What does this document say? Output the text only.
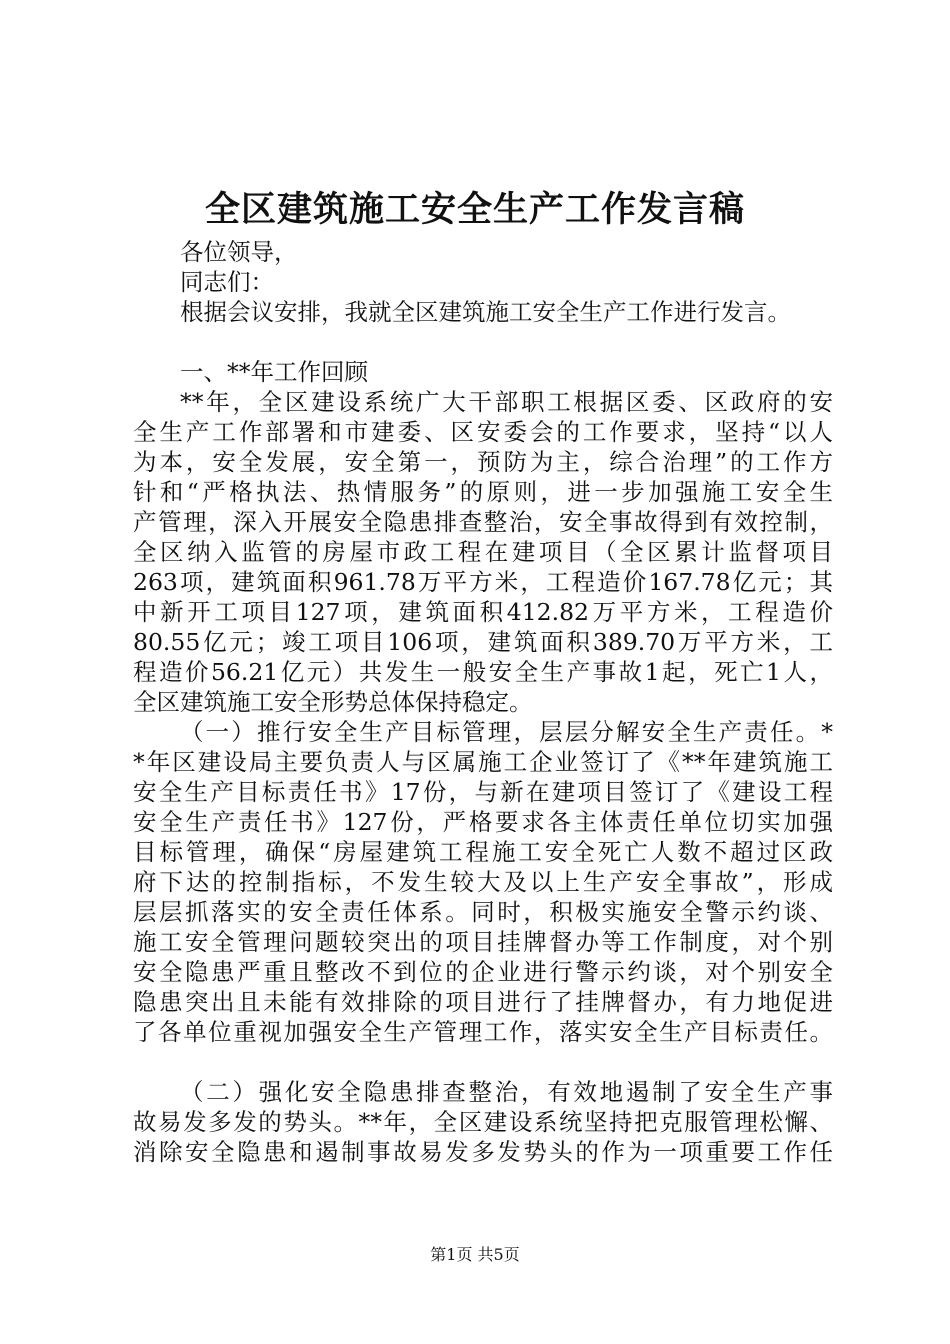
全区建筑施工安全生产工作发言稿
各位领导，
同志们：
根据会议安排，我就全区建筑施工安全生产工作进行发言。
一、**年工作回顾
**年，全区建设系统广大干部职工根据区委、区政府的安
全生产工作部署和市建委、区安委会的工作要求，坚持“以人
为本，安全发展，安全第一，预防为主，综合治理”的工作方
针和“严格执法、热情服务”的原则，进一步加强施工安全生
产管理，深入开展安全隐患排查整治，安全事故得到有效控制，
全区纳入监管的房屋市政工程在建项目（全区累计监督项目
263项，建筑面积961.78万平方米，工程造价167.78亿元；其
中新开工项目127项，建筑面积412.82万平方米，工程造价
80.55亿元；竣工项目106项，建筑面积389.70万平方米，工
程造价56.21亿元）共发生一般安全生产事故1起，死亡1人，
全区建筑施工安全形势总体保持稳定。
（一）推行安全生产目标管理，层层分解安全生产责任。*
*年区建设局主要负责人与区属施工企业签订了《**年建筑施工
安全生产目标责任书》17份，与新在建项目签订了《建设工程
安全生产责任书》127份，严格要求各主体责任单位切实加强
目标管理，确保“房屋建筑工程施工安全死亡人数不超过区政
府下达的控制指标，不发生较大及以上生产安全事故”，形成
层层抓落实的安全责任体系。同时，积极实施安全警示约谈、
施工安全管理问题较突出的项目挂牌督办等工作制度，对个别
安全隐患严重且整改不到位的企业进行警示约谈，对个别安全
隐患突出且未能有效排除的项目进行了挂牌督办，有力地促进
了各单位重视加强安全生产管理工作，落实安全生产目标责任。
（二）强化安全隐患排查整治，有效地遏制了安全生产事
故易发多发的势头。**年，全区建设系统坚持把克服管理松懈、
消除安全隐患和遏制事故易发多发势头的作为一项重要工作任
第1页 共5页
